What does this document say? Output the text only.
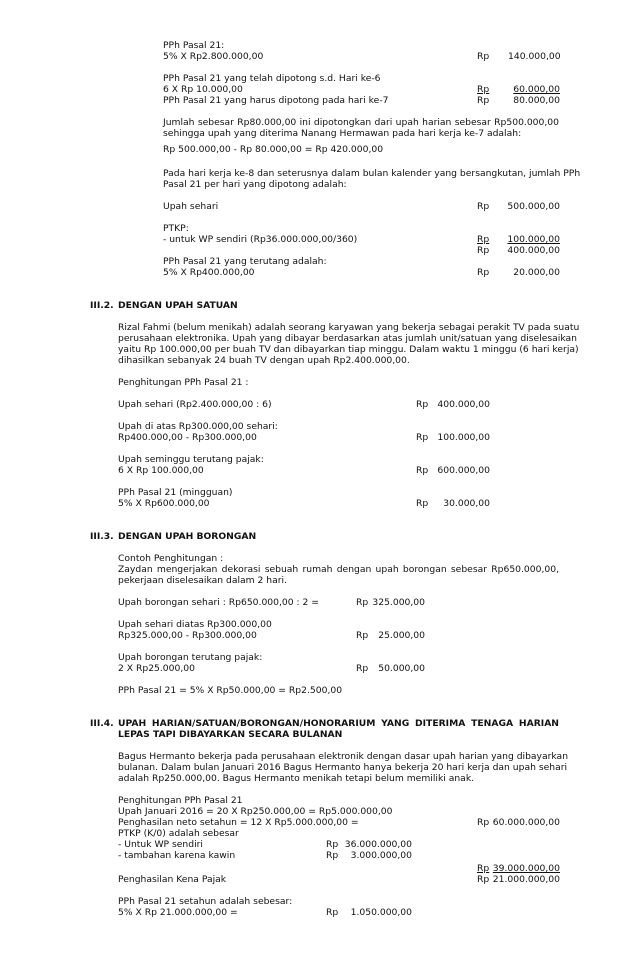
PPh Pasal 21:
5% X Rp2.800.000,00	Rp 140.000,00
PPh Pasal 21 yang telah dipotong s.d. Hari ke-6
6 X Rp 10.000,00	Rp	60.000,00
PPh Pasal 21 yang harus dipotong pada hari ke-7	Rp	80.000,00
Jumlah sebesar Rp80.000,00 ini dipotongkan dari upah harian sebesar Rp500.000,00
sehingga upah yang diterima Nanang Hermawan pada hari kerja ke-7 adalah:
Rp 500.000,00 - Rp 80.000,00 = Rp 420.000,00
Pada hari kerja ke-8 dan seterusnya dalam bulan kalender yang bersangkutan, jumlah PPh
Pasal 21 per hari yang dipotong adalah:
Upah sehari	Rp	500.000,00
PTKP:
- untuk WP sendiri (Rp36.000.000,00/360)	Rp	100.000,00
Rp	400.000,00
PPh Pasal 21 yang terutang adalah:
5% X Rp400.000,00	Rp	20.000,00
III.2. DENGAN UPAH SATUAN
Rizal Fahmi (belum menikah) adalah seorang karyawan yang bekerja sebagai perakit TV pada suatu
perusahaan elektronika. Upah yang dibayar berdasarkan atas jumlah unit/satuan yang diselesaikan
yaitu Rp 100.000,00 per buah TV dan dibayarkan tiap minggu. Dalam waktu 1 minggu (6 hari kerja)
dihasilkan sebanyak 24 buah TV dengan upah Rp2.400.000,00.
Penghitungan PPh Pasal 21 :
Upah sehari (Rp2.400.000,00 : 6)	Rp 400.000,00
Upah di atas Rp300.000,00 sehari:
Rp400.000,00 - Rp300.000,00	Rp 100.000,00
Upah seminggu terutang pajak:
6 X Rp 100.000,00	Rp 600.000,00
PPh Pasal 21 (mingguan)
5% X Rp600.000,00	Rp	30.000,00
III.3. DENGAN UPAH BORONGAN
Contoh Penghitungan :
Zaydan mengerjakan dekorasi sebuah rumah dengan upah borongan sebesar Rp650.000,00,
pekerjaan diselesaikan dalam 2 hari.
Upah borongan sehari : Rp650.000,00 : 2 =	Rp 325.000,00
Upah sehari diatas Rp300.000,00
Rp325.000,00 - Rp300.000,00	Rp	25.000,00
Upah borongan terutang pajak:
2 X Rp25.000,00	Rp	50.000,00
PPh Pasal 21 = 5% X Rp50.000,00 = Rp2.500,00
III.4. UPAH HARIAN/SATUAN/BORONGAN/HONORARIUM YANG DITERIMA TENAGA HARIAN
LEPAS TAPI DIBAYARKAN SECARA BULANAN
Bagus Hermanto bekerja pada perusahaan elektronik dengan dasar upah harian yang dibayarkan
bulanan. Dalam bulan Januari 2016 Bagus Hermanto hanya bekerja 20 hari kerja dan upah sehari
adalah Rp250.000,00. Bagus Hermanto menikah tetapi belum memiliki anak.
Penghitungan PPh Pasal 21
Upah Januari 2016 = 20 X Rp250.000,00 = Rp5.000.000,00
Penghasilan neto setahun = 12 X Rp5.000.000,00 =	Rp 60.000.000,00
PTKP (K/0) adalah sebesar
- Untuk WP sendiri	Rp 36.000.000,00
- tambahan karena kawin	Rp	3.000.000,00
Rp 39.000.000,00
Penghasilan Kena Pajak	Rp 21.000.000,00
PPh Pasal 21 setahun adalah sebesar:
5% X Rp 21.000.000,00 =	Rp	1.050.000,00
